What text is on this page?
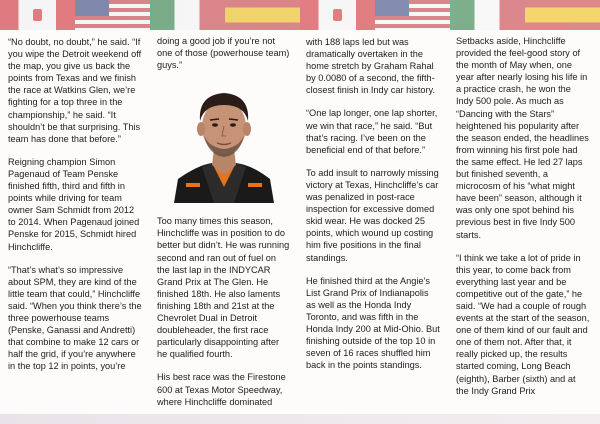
“No doubt, no doubt,” he said. “If you wipe the Detroit weekend off the map, you give us back the points from Texas and we finish the race at Watkins Glen, we’re fighting for a top three in the championship,” he said. “It shouldn’t be that surprising. This team has done that before.”

Reigning champion Simon Pagenaud of Team Penske finished fifth, third and fifth in points while driving for team owner Sam Schmidt from 2012 to 2014. When Pagenaud joined Penske for 2015, Schmidt hired Hinchcliffe.

“That’s what’s so impressive about SPM, they are kind of the little team that could,” Hinchcliffe said. “When you think there’s the three powerhouse teams (Penske, Ganassi and Andretti) that combine to make 12 cars or half the grid, if you’re anywhere in the top 12 in points, you’re

doing a good job if you’re not one of those (powerhouse team) guys.”

Too many times this season, Hinchcliffe was in position to do better but didn’t. He was running second and ran out of fuel on the last lap in the INDYCAR Grand Prix at The Glen. He finished 18th. He also laments finishing 18th and 21st at the Chevrolet Dual in Detroit doubleheader, the first race particularly disappointing after he qualified fourth.

His best race was the Firestone 600 at Texas Motor Speedway, where Hinchcliffe dominated

with 188 laps led but was dramatically overtaken in the home stretch by Graham Rahal by 0.0080 of a second, the fifth-closest finish in Indy car history.

“One lap longer, one lap shorter, we win that race,” he said. “But that’s racing. I’ve been on the beneficial end of that before.”

To add insult to narrowly missing victory at Texas, Hinchcliffe’s car was penalized in post-race inspection for excessive domed skid wear. He was docked 25 points, which wound up costing him five positions in the final standings.

He finished third at the Angie’s List Grand Prix of Indianapolis as well as the Honda Indy Toronto, and was fifth in the Honda Indy 200 at Mid-Ohio. But finishing outside of the top 10 in seven of 16 races shuffled him back in the points standings.

Setbacks aside, Hinchcliffe provided the feel-good story of the month of May when, one year after nearly losing his life in a practice crash, he won the Indy 500 pole. As much as “Dancing with the Stars” heightened his popularity after the season ended, the headlines from winning his first pole had the same effect. He led 27 laps but finished seventh, a microcosm of his “what might have been” season, although it was only one spot behind his previous best in five Indy 500 starts.

“I think we take a lot of pride in this year, to come back from everything last year and be competitive out of the gate,” he said. “We had a couple of rough events at the start of the season, one of them kind of our fault and one of them not. After that, it really picked up, the results started coming, Long Beach (eighth), Barber (sixth) and at the Indy Grand Prix
